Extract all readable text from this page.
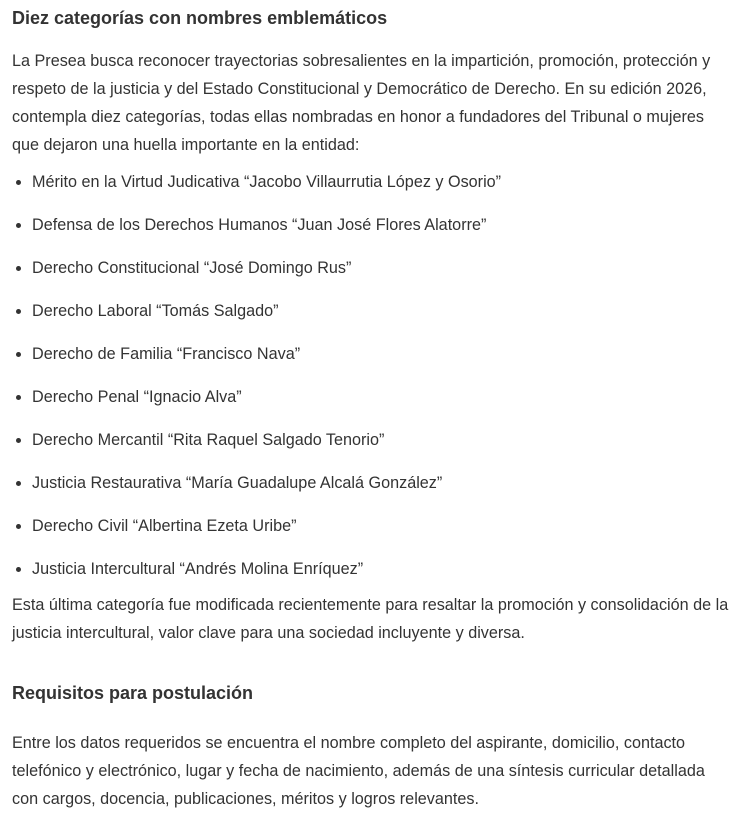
Diez categorías con nombres emblemáticos

La Presea busca reconocer trayectorias sobresalientes en la impartición, promoción, protección y respeto de la justicia y del Estado Constitucional y Democrático de Derecho. En su edición 2026, contempla diez categorías, todas ellas nombradas en honor a fundadores del Tribunal o mujeres que dejaron una huella importante en la entidad:

Mérito en la Virtud Judicativa “Jacobo Villaurrutia López y Osorio”
Defensa de los Derechos Humanos “Juan José Flores Alatorre”
Derecho Constitucional “José Domingo Rus”
Derecho Laboral “Tomás Salgado”
Derecho de Familia “Francisco Nava”
Derecho Penal “Ignacio Alva”
Derecho Mercantil “Rita Raquel Salgado Tenorio”
Justicia Restaurativa “María Guadalupe Alcalá González”
Derecho Civil “Albertina Ezeta Uribe”
Justicia Intercultural “Andrés Molina Enríquez”

Esta última categoría fue modificada recientemente para resaltar la promoción y consolidación de la justicia intercultural, valor clave para una sociedad incluyente y diversa.

Requisitos para postulación

Entre los datos requeridos se encuentra el nombre completo del aspirante, domicilio, contacto telefónico y electrónico, lugar y fecha de nacimiento, además de una síntesis curricular detallada con cargos, docencia, publicaciones, méritos y logros relevantes.
